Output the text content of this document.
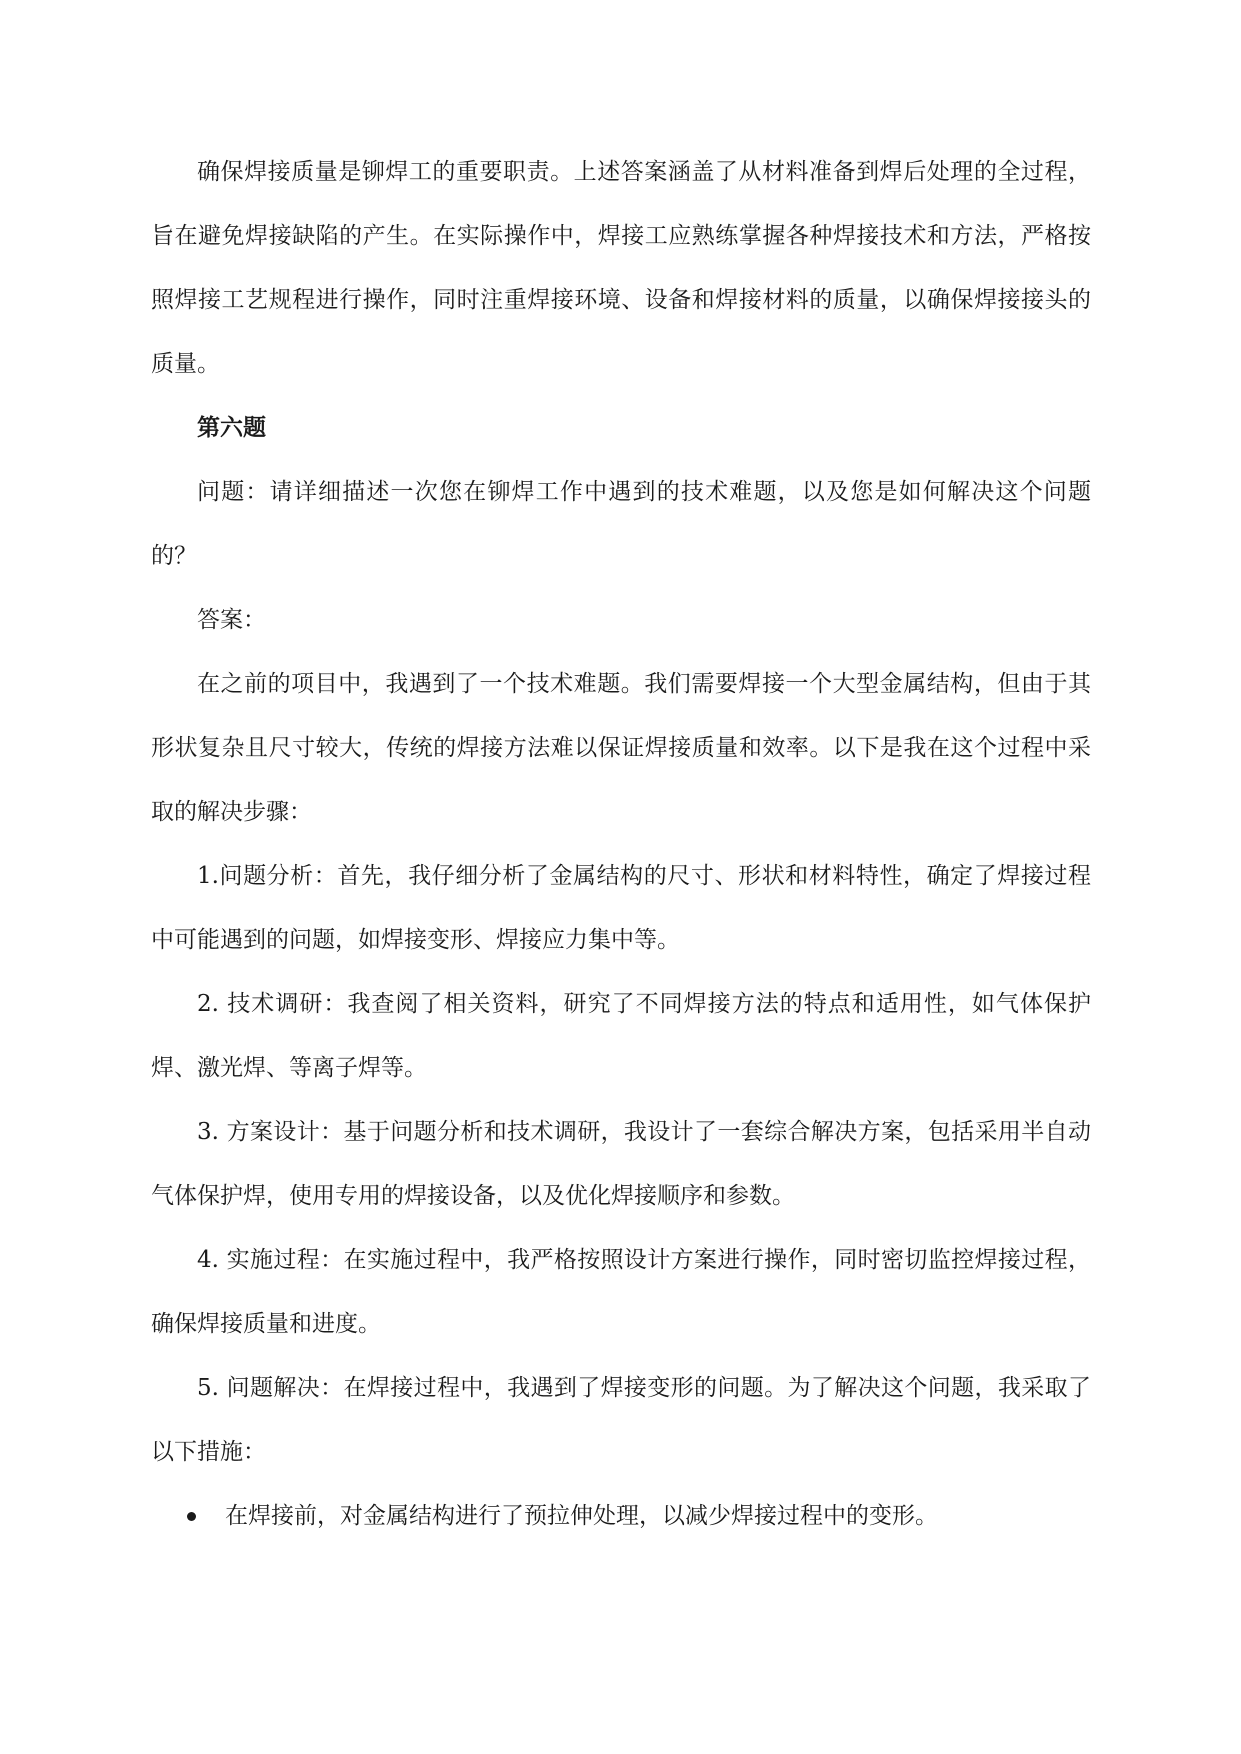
确保焊接质量是铆焊工的重要职责。上述答案涵盖了从材料准备到焊后处理的全过程，旨在避免焊接缺陷的产生。在实际操作中，焊接工应熟练掌握各种焊接技术和方法，严格按照焊接工艺规程进行操作，同时注重焊接环境、设备和焊接材料的质量，以确保焊接接头的质量。

第六题

问题：请详细描述一次您在铆焊工作中遇到的技术难题，以及您是如何解决这个问题的？

答案：

在之前的项目中，我遇到了一个技术难题。我们需要焊接一个大型金属结构，但由于其形状复杂且尺寸较大，传统的焊接方法难以保证焊接质量和效率。以下是我在这个过程中采取的解决步骤：

1.问题分析：首先，我仔细分析了金属结构的尺寸、形状和材料特性，确定了焊接过程中可能遇到的问题，如焊接变形、焊接应力集中等。

2. 技术调研：我查阅了相关资料，研究了不同焊接方法的特点和适用性，如气体保护焊、激光焊、等离子焊等。

3. 方案设计：基于问题分析和技术调研，我设计了一套综合解决方案，包括采用半自动气体保护焊，使用专用的焊接设备，以及优化焊接顺序和参数。

4. 实施过程：在实施过程中，我严格按照设计方案进行操作，同时密切监控焊接过程，确保焊接质量和进度。

5. 问题解决：在焊接过程中，我遇到了焊接变形的问题。为了解决这个问题，我采取了以下措施：

在焊接前，对金属结构进行了预拉伸处理，以减少焊接过程中的变形。
